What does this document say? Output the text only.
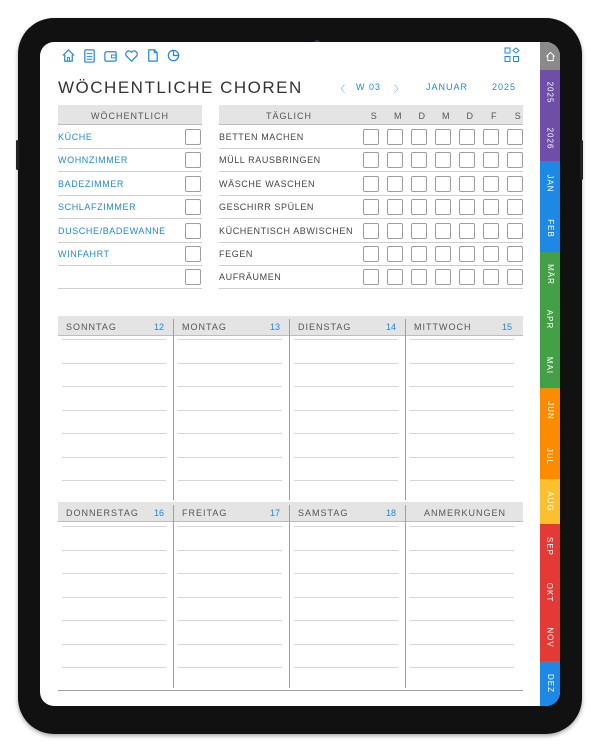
WÖCHENTLICHE CHOREN	〈 W 03 〉 JANUAR	2025
WÖCHENTLICH
KÜCHE
WOHNZIMMER
BADEZIMMER
SCHLAFZIMMER
DUSCHE/BADEWANNE
WINFAHRT
TÄGLICH	S	M	D	M	D	F	S
BETTEN MACHEN
MÜLL RAUSBRINGEN
WÄSCHE WASCHEN
GESCHIRR SPÜLEN
KÜCHENTISCH ABWISCHEN
FEGEN
AUFRÄUMEN
SONNTAG	12 MONTAG	13 DIENSTAG	14 MITTWOCH	15
DONNERSTAG 16 FREITAG	17 SAMSTAG	18	ANMERKUNGEN
2025
2026
JAN
FEB
MÄR
APR
MAI
JUN
JUL
AUG
SEP
OKT
NOV
DEZ
